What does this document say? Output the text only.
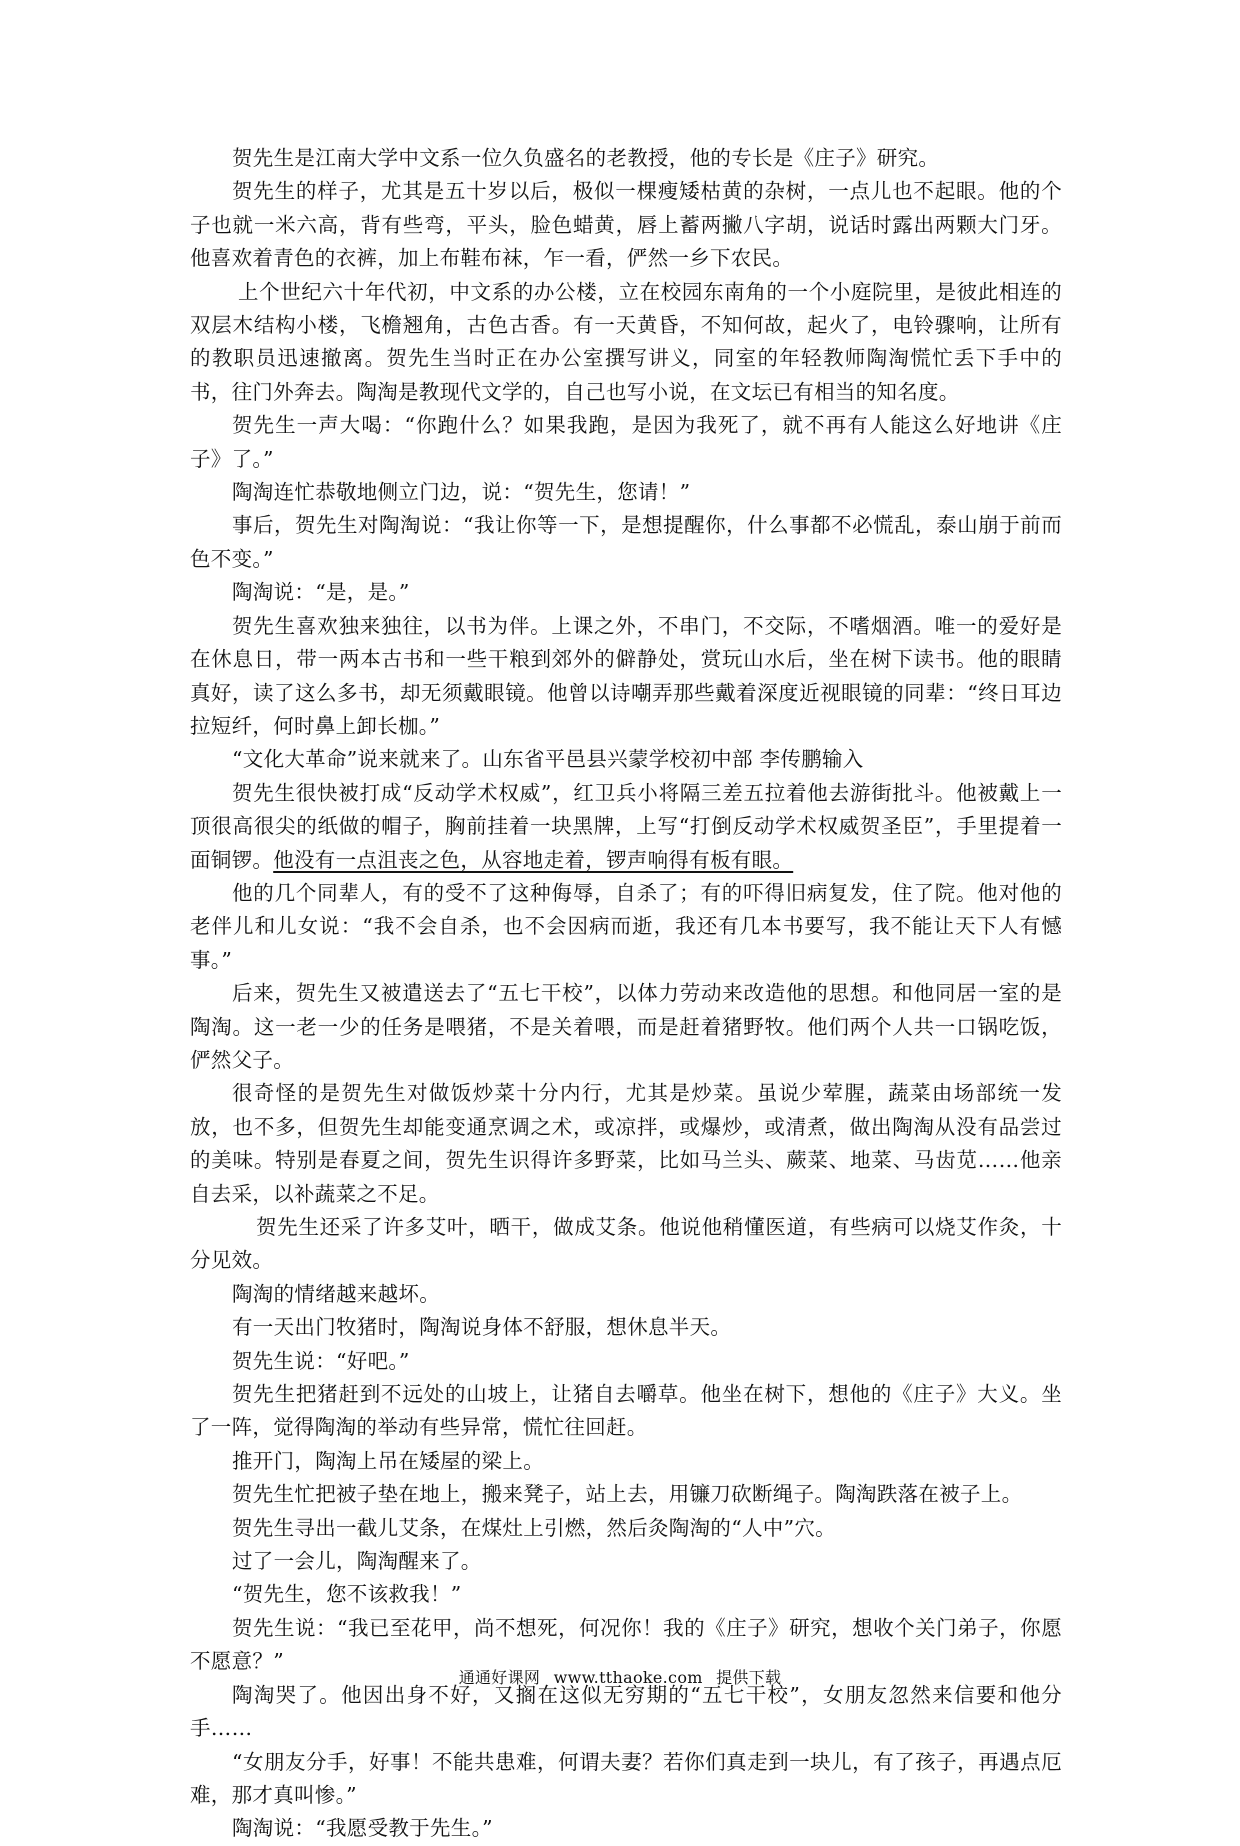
贺先生是江南大学中文系一位久负盛名的老教授，他的专长是《庄子》研究。

贺先生的样子，尤其是五十岁以后，极似一棵瘦矮枯黄的杂树，一点儿也不起眼。他的个子也就一米六高，背有些弯，平头，脸色蜡黄，唇上蓄两撇八字胡，说话时露出两颗大门牙。他喜欢着青色的衣裤，加上布鞋布袜，乍一看，俨然一乡下农民。

上个世纪六十年代初，中文系的办公楼，立在校园东南角的一个小庭院里，是彼此相连的双层木结构小楼，飞檐翘角，古色古香。有一天黄昏，不知何故，起火了，电铃骤响，让所有的教职员迅速撤离。贺先生当时正在办公室撰写讲义，同室的年轻教师陶淘慌忙丢下手中的书，往门外奔去。陶淘是教现代文学的，自己也写小说，在文坛已有相当的知名度。

贺先生一声大喝：“你跑什么？如果我跑，是因为我死了，就不再有人能这么好地讲《庄子》了。”

陶淘连忙恭敬地侧立门边，说：“贺先生，您请！”

事后，贺先生对陶淘说：“我让你等一下，是想提醒你，什么事都不必慌乱，泰山崩于前而色不变。”

陶淘说：“是，是。”

贺先生喜欢独来独往，以书为伴。上课之外，不串门，不交际，不嗜烟酒。唯一的爱好是在休息日，带一两本古书和一些干粮到郊外的僻静处，赏玩山水后，坐在树下读书。他的眼睛真好，读了这么多书，却无须戴眼镜。他曾以诗嘲弄那些戴着深度近视眼镜的同辈：“终日耳边拉短纤，何时鼻上卸长枷。”

“文化大革命”说来就来了。山东省平邑县兴蒙学校初中部 李传鹏输入

贺先生很快被打成“反动学术权威”，红卫兵小将隔三差五拉着他去游街批斗。他被戴上一顶很高很尖的纸做的帽子，胸前挂着一块黑牌，上写“打倒反动学术权威贺圣臣”，手里提着一面铜锣。他没有一点沮丧之色，从容地走着，锣声响得有板有眼。

他的几个同辈人，有的受不了这种侮辱，自杀了；有的吓得旧病复发，住了院。他对他的老伴儿和儿女说：“我不会自杀，也不会因病而逝，我还有几本书要写，我不能让天下人有憾事。”

后来，贺先生又被遣送去了“五七干校”，以体力劳动来改造他的思想。和他同居一室的是陶淘。这一老一少的任务是喂猪，不是关着喂，而是赶着猪野牧。他们两个人共一口锅吃饭，俨然父子。

很奇怪的是贺先生对做饭炒菜十分内行，尤其是炒菜。虽说少荤腥，蔬菜由场部统一发放，也不多，但贺先生却能变通烹调之术，或凉拌，或爆炒，或清煮，做出陶淘从没有品尝过的美味。特别是春夏之间，贺先生识得许多野菜，比如马兰头、蕨菜、地菜、马齿苋……他亲自去采，以补蔬菜之不足。

贺先生还采了许多艾叶，晒干，做成艾条。他说他稍懂医道，有些病可以烧艾作灸，十分见效。

陶淘的情绪越来越坏。

有一天出门牧猪时，陶淘说身体不舒服，想休息半天。

贺先生说：“好吧。”

贺先生把猪赶到不远处的山坡上，让猪自去嚼草。他坐在树下，想他的《庄子》大义。坐了一阵，觉得陶淘的举动有些异常，慌忙往回赶。

推开门，陶淘上吊在矮屋的梁上。

贺先生忙把被子垫在地上，搬来凳子，站上去，用镰刀砍断绳子。陶淘跌落在被子上。

贺先生寻出一截儿艾条，在煤灶上引燃，然后灸陶淘的“人中”穴。

过了一会儿，陶淘醒来了。

“贺先生，您不该救我！”

贺先生说：“我已至花甲，尚不想死，何况你！我的《庄子》研究，想收个关门弟子，你愿不愿意？”

陶淘哭了。他因出身不好，又搁在这似无穷期的“五七干校”，女朋友忽然来信要和他分手……

“女朋友分手，好事！不能共患难，何谓夫妻？若你们真走到一块儿，有了孩子，再遇点厄难，那才真叫惨。”

陶淘说：“我愿受教于先生。”

通通好课网 www.tthaoke.com 提供下载
